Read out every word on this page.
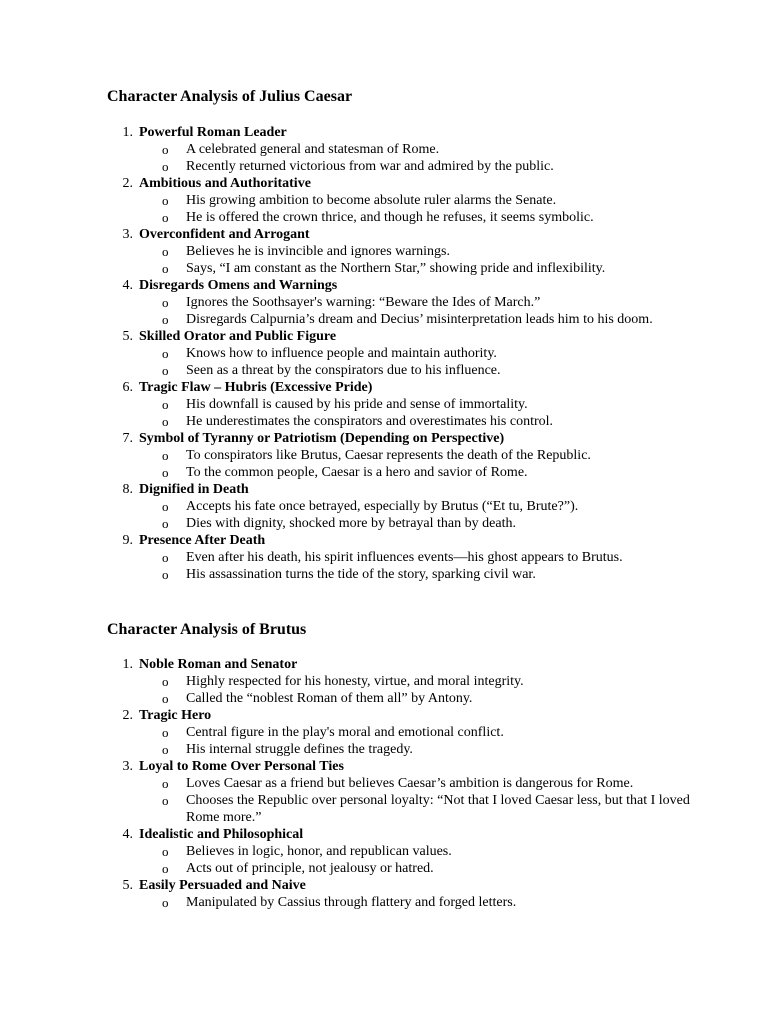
Character Analysis of Julius Caesar
1. Powerful Roman Leader
o A celebrated general and statesman of Rome.
o Recently returned victorious from war and admired by the public.
2. Ambitious and Authoritative
o His growing ambition to become absolute ruler alarms the Senate.
o He is offered the crown thrice, and though he refuses, it seems symbolic.
3. Overconfident and Arrogant
o Believes he is invincible and ignores warnings.
o Says, “I am constant as the Northern Star,” showing pride and inflexibility.
4. Disregards Omens and Warnings
o Ignores the Soothsayer's warning: “Beware the Ides of March.”
o Disregards Calpurnia’s dream and Decius’ misinterpretation leads him to his doom.
5. Skilled Orator and Public Figure
o Knows how to influence people and maintain authority.
o Seen as a threat by the conspirators due to his influence.
6. Tragic Flaw – Hubris (Excessive Pride)
o His downfall is caused by his pride and sense of immortality.
o He underestimates the conspirators and overestimates his control.
7. Symbol of Tyranny or Patriotism (Depending on Perspective)
o To conspirators like Brutus, Caesar represents the death of the Republic.
o To the common people, Caesar is a hero and savior of Rome.
8. Dignified in Death
o Accepts his fate once betrayed, especially by Brutus (“Et tu, Brute?”).
o Dies with dignity, shocked more by betrayal than by death.
9. Presence After Death
o Even after his death, his spirit influences events—his ghost appears to Brutus.
o His assassination turns the tide of the story, sparking civil war.
Character Analysis of Brutus
1. Noble Roman and Senator
o Highly respected for his honesty, virtue, and moral integrity.
o Called the “noblest Roman of them all” by Antony.
2. Tragic Hero
o Central figure in the play's moral and emotional conflict.
o His internal struggle defines the tragedy.
3. Loyal to Rome Over Personal Ties
o Loves Caesar as a friend but believes Caesar’s ambition is dangerous for Rome.
o Chooses the Republic over personal loyalty: “Not that I loved Caesar less, but that I loved Rome more.”
4. Idealistic and Philosophical
o Believes in logic, honor, and republican values.
o Acts out of principle, not jealousy or hatred.
5. Easily Persuaded and Naive
o Manipulated by Cassius through flattery and forged letters.
